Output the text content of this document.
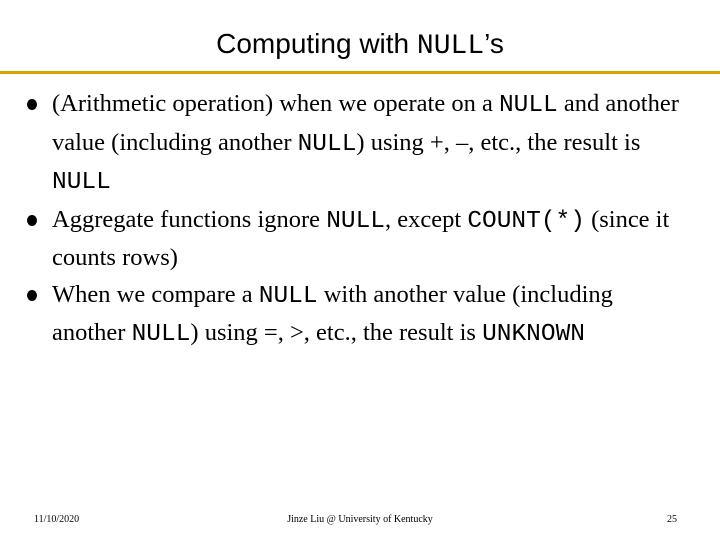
Computing with NULL’s
(Arithmetic operation) when we operate on a NULL and another value (including another NULL) using +, –, etc., the result is NULL
Aggregate functions ignore NULL, except COUNT(*) (since it counts rows)
When we compare a NULL with another value (including another NULL) using =, >, etc., the result is UNKNOWN
11/10/2020	Jinze Liu @ University of Kentucky	25
